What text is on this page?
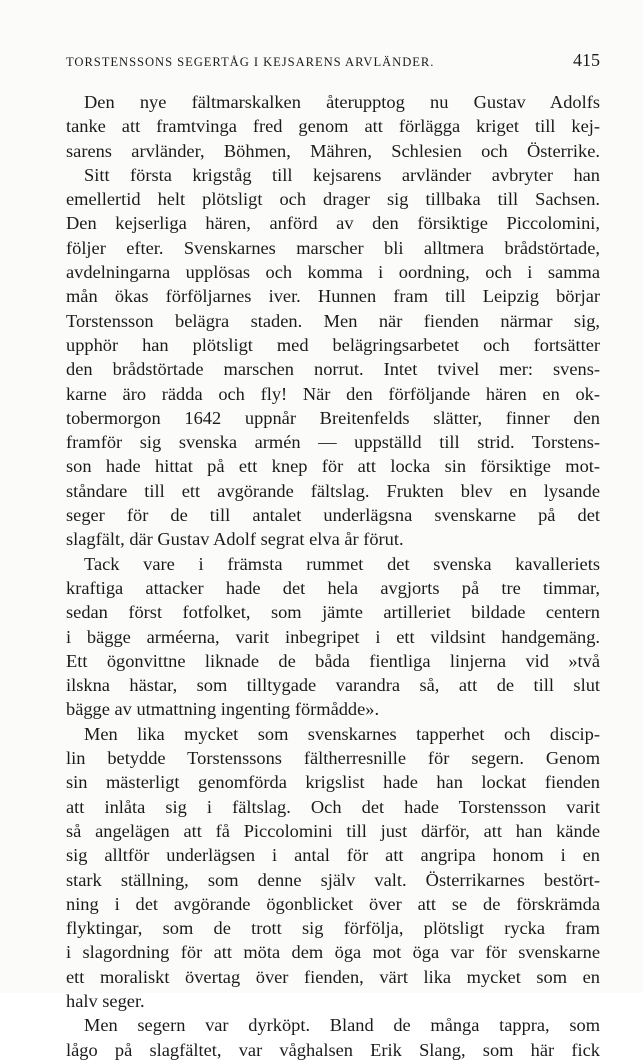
TORSTENSSONS SEGERTÅG I KEJSARENS ARVLÄNDER.	415
Den nye fältmarskalken återupptog nu Gustav Adolfs
tanke att framtvinga fred genom att förlägga kriget till kej-
sarens arvländer, Böhmen, Mähren, Schlesien och Österrike.
Sitt första krigståg till kejsarens arvländer avbryter han
emellertid helt plötsligt och drager sig tillbaka till Sachsen.
Den kejserliga hären, anförd av den försiktige Piccolomini,
följer efter. Svenskarnes marscher bli alltmera brådstörtade,
avdelningarna upplösas och komma i oordning, och i samma
mån ökas förföljarnes iver. Hunnen fram till Leipzig börjar
Torstensson belägra staden. Men när fienden närmar sig,
upphör han plötsligt med belägringsarbetet och fortsätter
den brådstörtade marschen norrut. Intet tvivel mer: svens-
karne äro rädda och fly! När den förföljande hären en ok-
tobermorgon 1642 uppnår Breitenfelds slätter, finner den
framför sig svenska armén — uppställd till strid. Torstens-
son hade hittat på ett knep för att locka sin försiktige mot-
ståndare till ett avgörande fältslag. Frukten blev en lysande
seger för de till antalet underlägsna svenskarne på det
slagfält, där Gustav Adolf segrat elva år förut.
Tack vare i främsta rummet det svenska kavalleriets
kraftiga attacker hade det hela avgjorts på tre timmar,
sedan först fotfolket, som jämte artilleriet bildade centern
i bägge arméerna, varit inbegripet i ett vildsint handgemäng.
Ett ögonvittne liknade de båda fientliga linjerna vid »två
ilskna hästar, som tilltygade varandra så, att de till slut
bägge av utmattning ingenting förmådde».
Men lika mycket som svenskarnes tapperhet och discip-
lin betydde Torstenssons fältherresnille för segern. Genom
sin mästerligt genomförda krigslist hade han lockat fienden
att inlåta sig i fältslag. Och det hade Torstensson varit
så angelägen att få Piccolomini till just därför, att han kände
sig alltför underlägsen i antal för att angripa honom i en
stark ställning, som denne själv valt. Österrikarnes bestört-
ning i det avgörande ögonblicket över att se de förskrämda
flyktingar, som de trott sig förfölja, plötsligt rycka fram
i slagordning för att möta dem öga mot öga var för svenskarne
ett moraliskt övertag över fienden, värt lika mycket som en
halv seger.
Men segern var dyrköpt. Bland de många tappra, som
lågo på slagfältet, var våghalsen Erik Slang, som här fick
